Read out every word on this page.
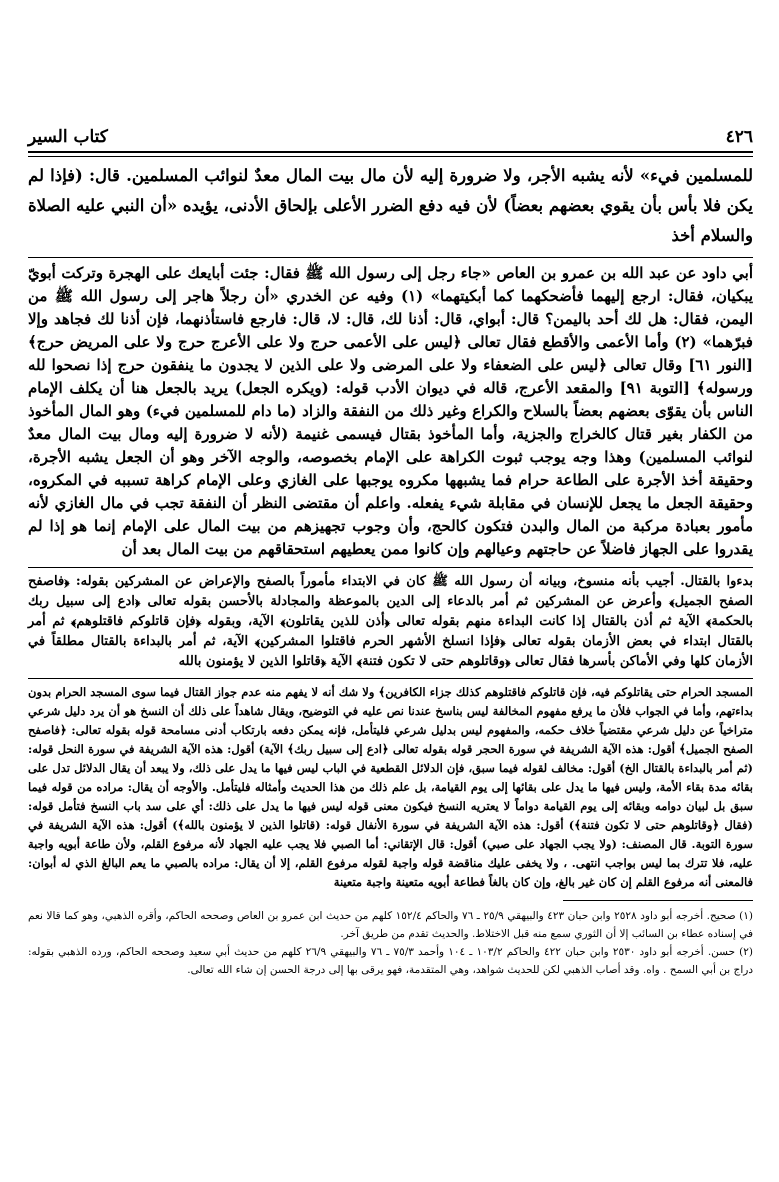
٤٢٦
كتاب السير
للمسلمين فيء» لأنه يشبه الأجر، ولا ضرورة إليه لأن مال بيت المال معدٌ لنوائب المسلمين. قال: (فإذا لم يكن فلا بأس بأن يقوي بعضهم بعضاً) لأن فيه دفع الضرر الأعلى بإلحاق الأدنى، يؤيده «أن النبي عليه الصلاة والسلام أخذ
أبي داود عن عبد الله بن عمرو بن العاص «جاء رجل إلى رسول الله ﷺ فقال: جئت أبايعك على الهجرة وتركت أبويّ يبكيان، فقال: ارجع إليهما فأضحكهما كما أبكيتهما» (١) وفيه عن الخدري «أن رجلاً هاجر إلى رسول الله ﷺ من اليمن، فقال: هل لك أحد باليمن؟ قال: أبواي، قال: أذنا لك، قال: لا، قال: فارجع فاستأذنهما، فإن أذنا لك فجاهد وإلا فبرّهما» (٢) وأما الأعمى والأقطع فقال تعالى ﴿ليس على الأعمى حرج ولا على الأعرج حرج ولا على المريض حرج﴾ [النور ٦١] وقال تعالى ﴿ليس على الضعفاء ولا على المرضى ولا على الذين لا يجدون ما ينفقون حرج إذا نصحوا لله ورسوله﴾ [التوبة ٩١] والمقعد الأعرج، قاله في ديوان الأدب قوله: (ويكره الجعل) يريد بالجعل هنا أن يكلف الإمام الناس بأن يقوّى بعضهم بعضاً بالسلاح والكراع وغير ذلك من النفقة والزاد (ما دام للمسلمين فيء) وهو المال المأخوذ من الكفار بغير قتال كالخراج والجزية، وأما المأخوذ بقتال فيسمى غنيمة (لأنه لا ضرورة إليه ومال بيت المال معدٌ لنوائب المسلمين) وهذا وجه يوجب ثبوت الكراهة على الإمام بخصوصه، والوجه الآخر وهو أن الجعل يشبه الأجرة، وحقيقة أخذ الأجرة على الطاعة حرام فما يشبهها مكروه يوجبها على الغازي وعلى الإمام كراهة تسببه في المكروه، وحقيقة الجعل ما يجعل للإنسان في مقابلة شيء يفعله. واعلم أن مقتضى النظر أن النفقة تجب في مال الغازي لأنه مأمور بعبادة مركبة من المال والبدن فتكون كالحج، وأن وجوب تجهيزهم من بيت المال على الإمام إنما هو إذا لم يقدروا على الجهاز فاضلاً عن حاجتهم وعيالهم وإن كانوا ممن يعطيهم استحقاقهم من بيت المال بعد أن
بدءوا بالقتال. أجيب بأنه منسوخ، وبيانه أن رسول الله ﷺ كان في الابتداء مأموراً بالصفح والإعراض عن المشركين بقوله: ﴿فاصفح الصفح الجميل﴾ وأعرض عن المشركين ثم أمر بالدعاء إلى الدين بالموعظة والمجادلة بالأحسن بقوله تعالى ﴿ادع إلى سبيل ربك بالحكمة﴾ الآية ثم أذن بالقتال إذا كانت البداءة منهم بقوله تعالى ﴿أذن للذين يقاتلون﴾ الآية، وبقوله ﴿فإن قاتلوكم فاقتلوهم﴾ ثم أمر بالقتال ابتداء في بعض الأزمان بقوله تعالى ﴿فإذا انسلخ الأشهر الحرم فاقتلوا المشركين﴾ الآية، ثم أمر بالبداءة بالقتال مطلقاً في الأزمان كلها وفي الأماكن بأسرها فقال تعالى ﴿وقاتلوهم حتى لا تكون فتنة﴾ الآية ﴿قاتلوا الذين لا يؤمنون بالله
المسجد الحرام حتى يقاتلوكم فيه، فإن قاتلوكم فاقتلوهم كذلك جزاء الكافرين﴾ ولا شك أنه لا يفهم منه عدم جواز القتال فيما سوى المسجد الحرام بدون بداءتهم، وأما في الجواب فلأن ما يرفع مفهوم المخالفة ليس بناسخ عندنا نص عليه في التوضيح، ويقال شاهداً على ذلك أن النسخ هو أن يرد دليل شرعي متراخياً عن دليل شرعي مقتضياً خلاف حكمه، والمفهوم ليس بدليل شرعي فليتأمل، فإنه يمكن دفعه بارتكاب أدنى مسامحة قوله بقوله تعالى: ﴿فاصفح الصفح الجميل﴾ أقول: هذه الآية الشريفة في سورة الحجر قوله بقوله تعالى ﴿ادع إلى سبيل ربك﴾ الآية) أقول: هذه الآية الشريفة في سورة النحل قوله: (ثم أمر بالبداءة بالقتال الخ) أقول: مخالف لقوله فيما سبق، فإن الدلائل القطعية في الباب ليس فيها ما يدل على ذلك، ولا يبعد أن يقال الدلائل تدل على بقائه مدة بقاء الأمة، وليس فيها ما يدل على بقائها إلى يوم القيامة، بل علم ذلك من هذا الحديث وأمثاله فليتأمل. والأوجه أن يقال: مراده من قوله فيما سبق بل لبيان دوامه وبقائه إلى يوم القيامة دواماً لا يعتريه النسخ فيكون معنى قوله ليس فيها ما يدل على ذلك: أي على سد باب النسخ فتأمل قوله: (فقال ﴿وقاتلوهم حتى لا تكون فتنة﴾) أقول: هذه الآية الشريفة في سورة الأنفال قوله: (قاتلوا الذين لا يؤمنون بالله﴾) أقول: هذه الآية الشريفة في سورة التوبة. قال المصنف: (ولا يجب الجهاد على صبي) أقول: قال الإتقاني: أما الصبي فلا يجب عليه الجهاد لأنه مرفوع القلم، ولأن طاعة أبويه واجبة عليه، فلا تترك بما ليس بواجب انتهى. ، ولا يخفى عليك مناقضة قوله واجبة لقوله مرفوع القلم، إلا أن يقال: مراده بالصبي ما يعم البالغ الذي له أبوان: فالمعنى أنه مرفوع القلم إن كان غير بالغ، وإن كان بالغاً فطاعة أبويه متعينة واجبة متعينة

(١) صحيح. أخرجه أبو داود ٢٥٢٨ وابن حبان ٤٢٣ والبيهقي ٢٥/٩ ـ ٧٦ والحاكم ١٥٢/٤ كلهم من حديث ابن عمرو بن العاص وصححه الحاكم، وأقره الذهبي، وهو كما قالا نعم في إسناده عطاء بن السائب إلا أن الثوري سمع منه قبل الاختلاط. والحديث تقدم من طريق آخر.

(٢) حسن. أخرجه أبو داود ٢٥٣٠ وابن حبان ٤٢٢ والحاكم ١٠٣/٢ ـ ١٠٤ وأحمد ٧٥/٣ ـ ٧٦ والبيهقي ٢٦/٩ كلهم من حديث أبي سعيد وصححه الحاكم، ورده الذهبي بقوله: دراج بن أبي السمح . واه. وقد أصاب الذهبي لكن للحديث شواهد، وهي المتقدمة، فهو يرقى بها إلى درجة الحسن إن شاء الله تعالى.
